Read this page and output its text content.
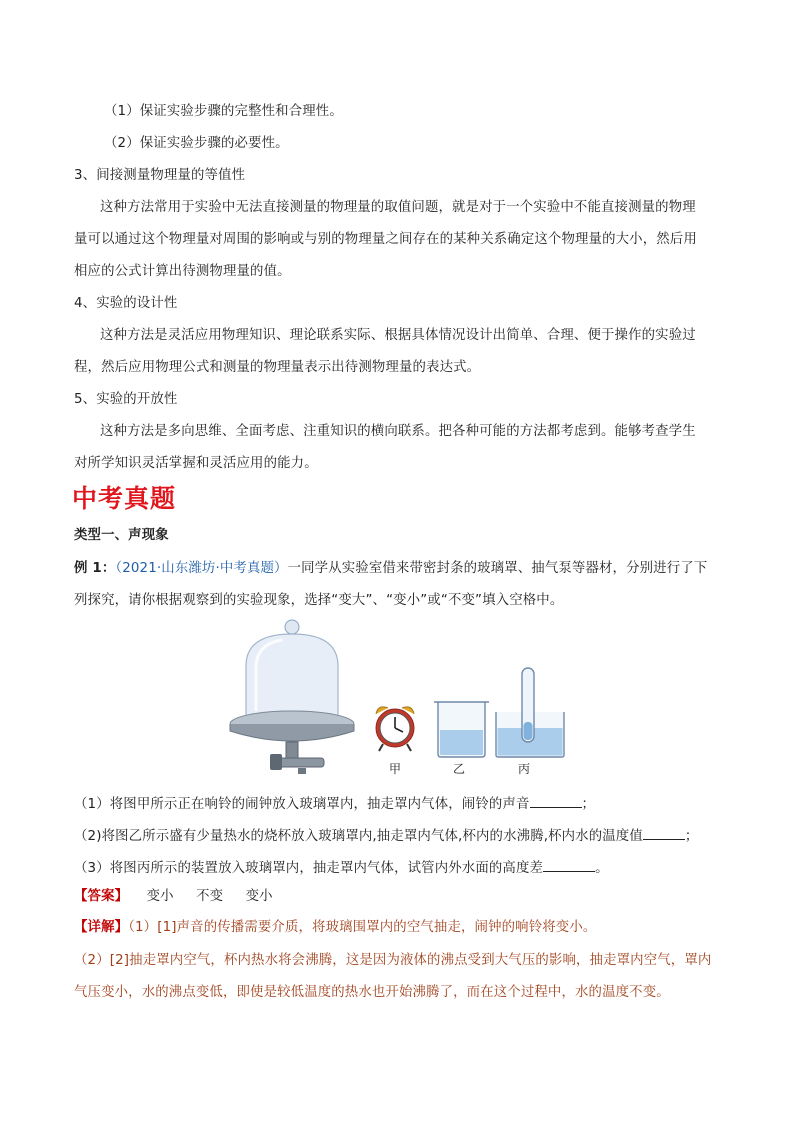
（1）保证实验步骤的完整性和合理性。
（2）保证实验步骤的必要性。
3、间接测量物理量的等值性
这种方法常用于实验中无法直接测量的物理量的取值问题，就是对于一个实验中不能直接测量的物理
量可以通过这个物理量对周围的影响或与别的物理量之间存在的某种关系确定这个物理量的大小，然后用
相应的公式计算出待测物理量的值。
4、实验的设计性
这种方法是灵活应用物理知识、理论联系实际、根据具体情况设计出简单、合理、便于操作的实验过
程，然后应用物理公式和测量的物理量表示出待测物理量的表达式。
5、实验的开放性
这种方法是多向思维、全面考虑、注重知识的横向联系。把各种可能的方法都考虑到。能够考查学生
对所学知识灵活掌握和灵活应用的能力。
中考真题
类型一、声现象
例 1：（2021·山东潍坊·中考真题）一同学从实验室借来带密封条的玻璃罩、抽气泵等器材，分别进行了下
列探究，请你根据观察到的实验现象，选择“变大”、“变小”或“不变”填入空格中。
甲	乙	丙
（1）将图甲所示正在响铃的闹钟放入玻璃罩内，抽走罩内气体，闹铃的声音	；
（2)将图乙所示盛有少量热水的烧杯放入玻璃罩内,抽走罩内气体,杯内的水沸腾,杯内水的温度值	；
（3）将图丙所示的装置放入玻璃罩内，抽走罩内气体，试管内外水面的高度差	。
【答案】 变小 不变 变小
【详解】（1）[1]声音的传播需要介质，将玻璃围罩内的空气抽走，闹钟的响铃将变小。
（2）[2]抽走罩内空气，杯内热水将会沸腾，这是因为液体的沸点受到大气压的影响，抽走罩内空气，罩内
气压变小，水的沸点变低，即使是较低温度的热水也开始沸腾了，而在这个过程中，水的温度不变。
